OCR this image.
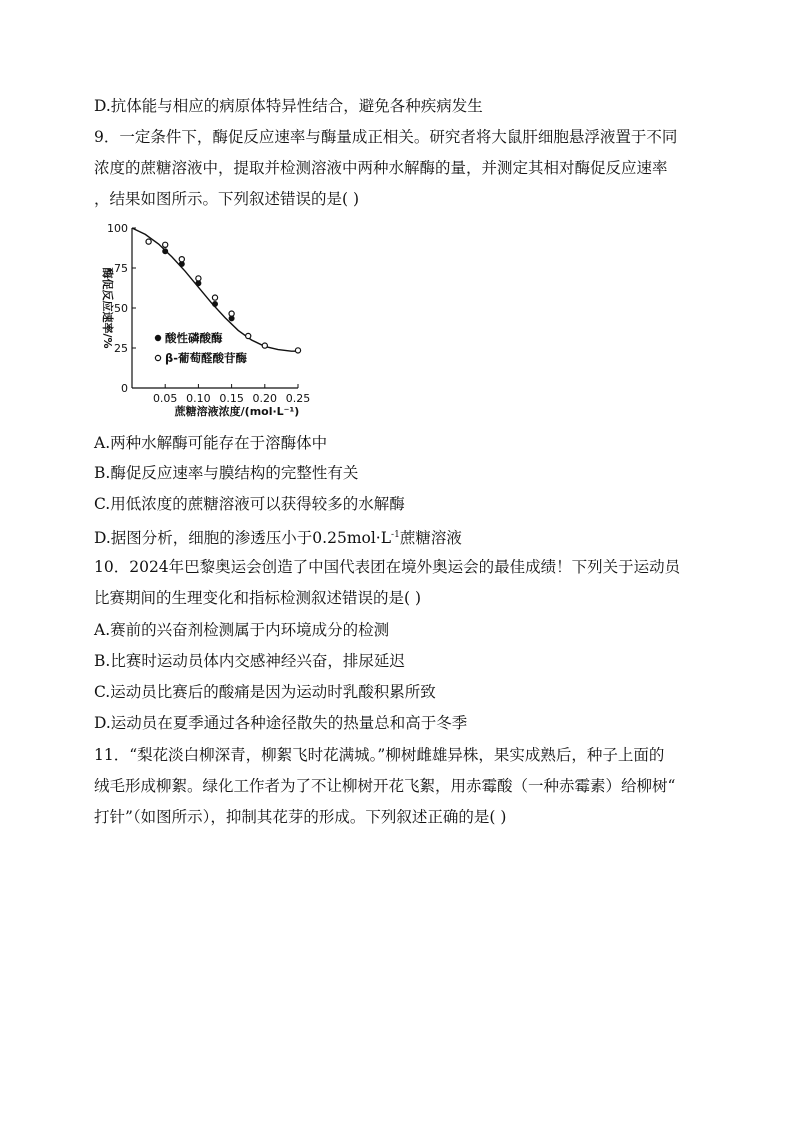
D.抗体能与相应的病原体特异性结合，避免各种疾病发生
9．一定条件下，酶促反应速率与酶量成正相关。研究者将大鼠肝细胞悬浮液置于不同
浓度的蔗糖溶液中，提取并检测溶液中两种水解酶的量，并测定其相对酶促反应速率
，结果如图所示。下列叙述错误的是( )
0
25
50
75
100
0.05 0.10 0.15 0.20 0.25
酸性磷酸酶
β-葡萄醛酸苷酶
酶促反应速率/%
蔗糖溶液浓度/(mol·L⁻¹)
A.两种水解酶可能存在于溶酶体中
B.酶促反应速率与膜结构的完整性有关
C.用低浓度的蔗糖溶液可以获得较多的水解酶
D.据图分析，细胞的渗透压小于$0.25mol\cdot L^{-1}$蔗糖溶液
10．2024年巴黎奥运会创造了中国代表团在境外奥运会的最佳成绩！下列关于运动员
比赛期间的生理变化和指标检测叙述错误的是( )
A.赛前的兴奋剂检测属于内环境成分的检测
B.比赛时运动员体内交感神经兴奋，排尿延迟
C.运动员比赛后的酸痛是因为运动时乳酸积累所致
D.运动员在夏季通过各种途径散失的热量总和高于冬季
11．“梨花淡白柳深青，柳絮飞时花满城。”柳树雌雄异株，果实成熟后，种子上面的
绒毛形成柳絮。绿化工作者为了不让柳树开花飞絮，用赤霉酸（一种赤霉素）给柳树“
打针”（如图所示），抑制其花芽的形成。下列叙述正确的是( )
